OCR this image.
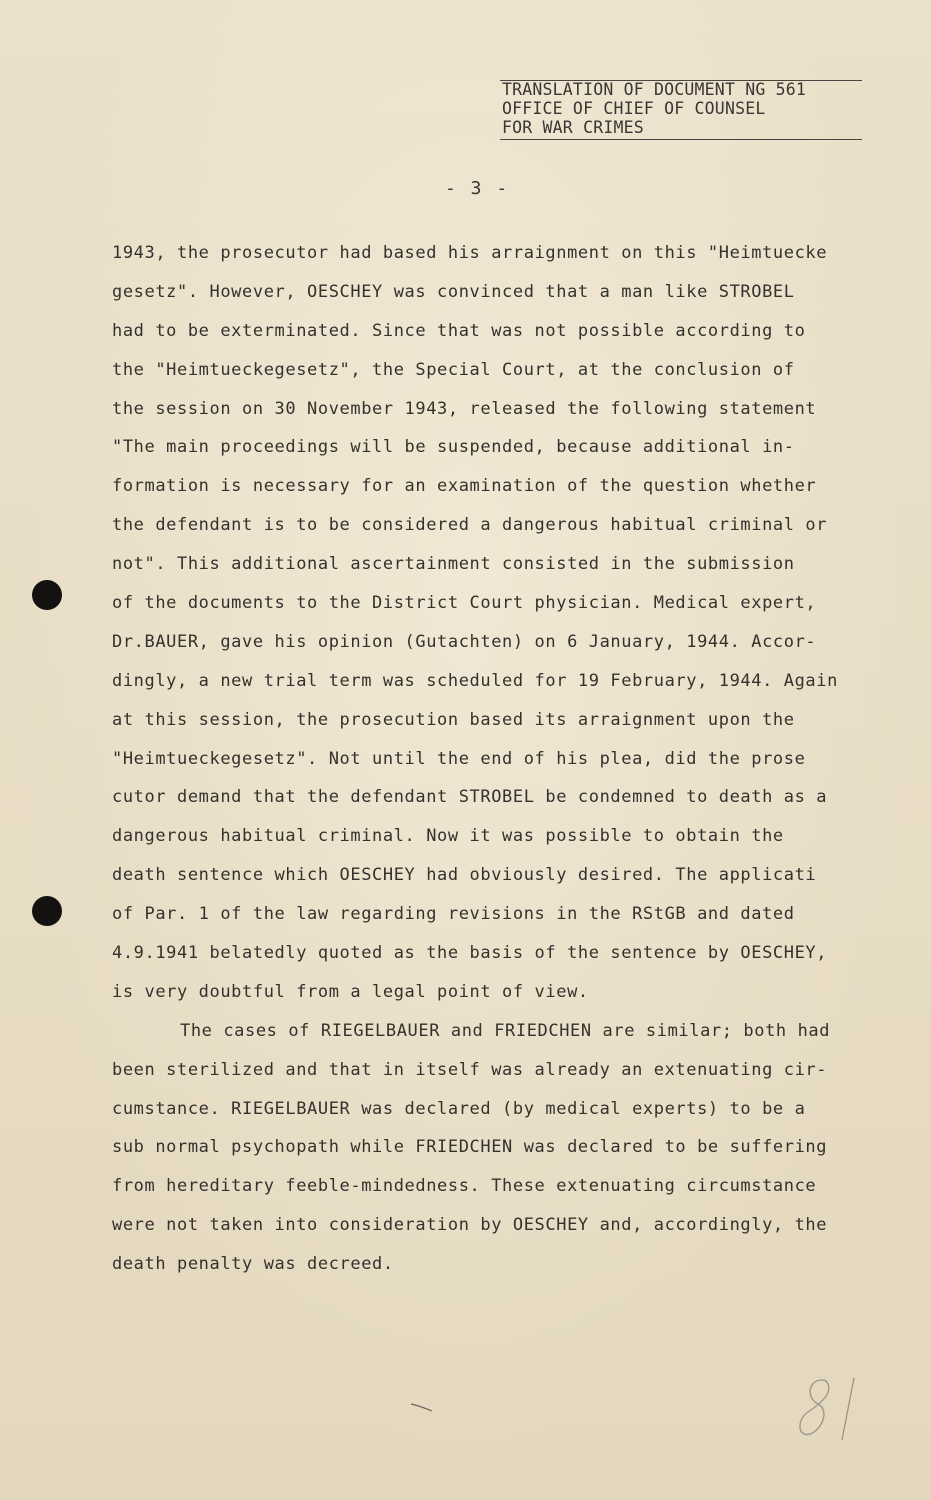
TRANSLATION OF DOCUMENT NG 561
OFFICE OF CHIEF OF COUNSEL
FOR WAR CRIMES
- 3 -
1943, the prosecutor had based his arraignment on this "Heimtuecke
gesetz". However, OESCHEY was convinced that a man like STROBEL
had to be exterminated. Since that was not possible according to
the "Heimtueckegesetz", the Special Court, at the conclusion of
the session on 30 November 1943, released the following statement
"The main proceedings will be suspended, because additional in-
formation is necessary for an examination of the question whether
the defendant is to be considered a dangerous habitual criminal or
not". This additional ascertainment consisted in the submission
of the documents to the District Court physician. Medical expert,
Dr.BAUER, gave his opinion (Gutachten) on 6 January, 1944. Accor-
dingly, a new trial term was scheduled for 19 February, 1944. Again
at this session, the prosecution based its arraignment upon the
"Heimtueckegesetz". Not until the end of his plea, did the prose
cutor demand that the defendant STROBEL be condemned to death as a
dangerous habitual criminal. Now it was possible to obtain the
death sentence which OESCHEY had obviously desired. The applicati
of Par. 1 of the law regarding revisions in the RStGB and dated
4.9.1941 belatedly quoted as the basis of the sentence by OESCHEY,
is very doubtful from a legal point of view.
The cases of RIEGELBAUER and FRIEDCHEN are similar; both had
been sterilized and that in itself was already an extenuating cir-
cumstance. RIEGELBAUER was declared (by medical experts) to be a
sub normal psychopath while FRIEDCHEN was declared to be suffering
from hereditary feeble-mindedness. These extenuating circumstance
were not taken into consideration by OESCHEY and, accordingly, the
death penalty was decreed.
